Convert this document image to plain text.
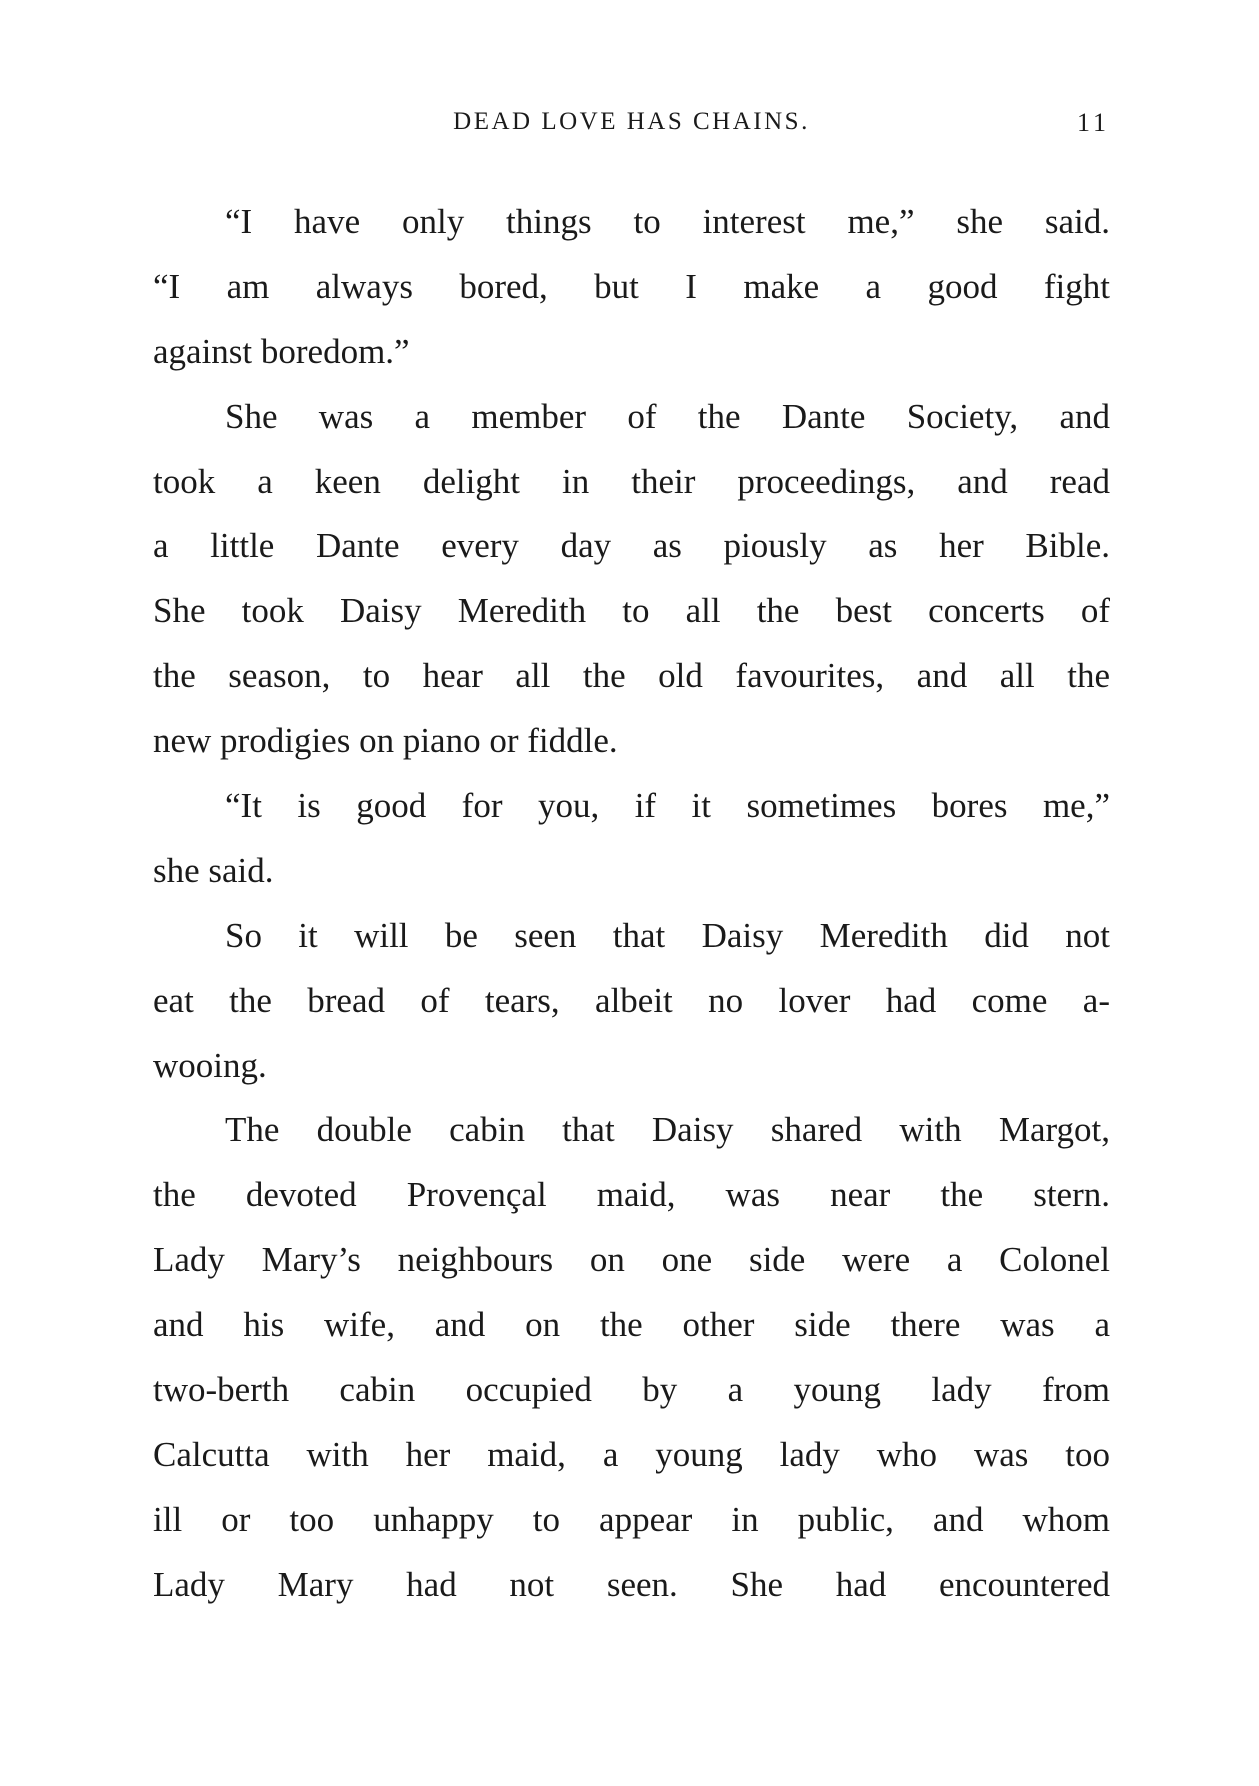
DEAD LOVE HAS CHAINS.	11
“I have only things to interest me,” she said.
“I am always bored, but I make a good fight
against boredom.”
She was a member of the Dante Society, and
took a keen delight in their proceedings, and read
a little Dante every day as piously as her Bible.
She took Daisy Meredith to all the best concerts of
the season, to hear all the old favourites, and all the
new prodigies on piano or fiddle.
“It is good for you, if it sometimes bores me,”
she said.
So it will be seen that Daisy Meredith did not
eat the bread of tears, albeit no lover had come a-
wooing.
The double cabin that Daisy shared with Margot,
the devoted Provençal maid, was near the stern.
Lady Mary’s neighbours on one side were a Colonel
and his wife, and on the other side there was a
two-berth cabin occupied by a young lady from
Calcutta with her maid, a young lady who was too
ill or too unhappy to appear in public, and whom
Lady Mary had not seen. She had encountered
